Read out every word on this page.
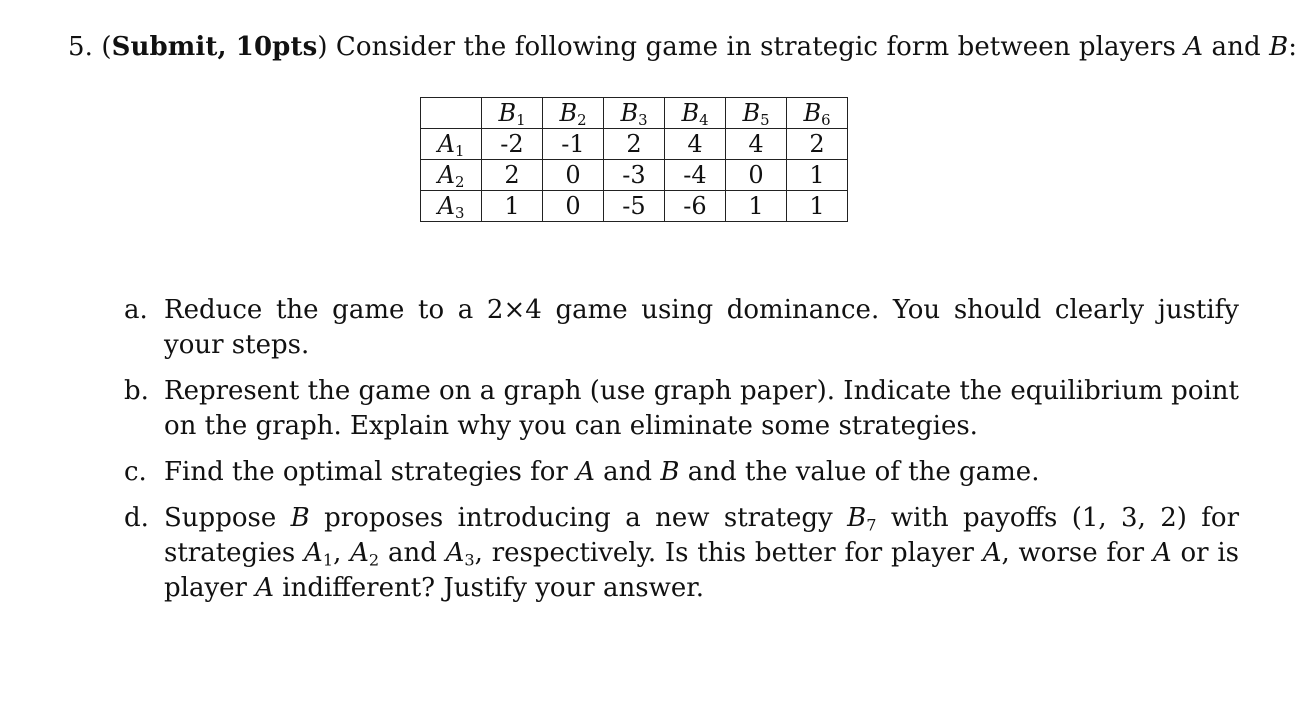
5. (Submit, 10pts) Consider the following game in strategic form between players A and B:
	$B_1$	$B_2$	$B_3$	$B_4$	$B_5$	$B_6$
$A_1$	-2	-1	2	4	4	2
$A_2$	2	0	-3	-4	0	1
$A_3$	1	0	-5	-6	1	1
a. Reduce the game to a 2×4 game using dominance. You should clearly justify your steps.
b. Represent the game on a graph (use graph paper). Indicate the equilibrium point on the graph. Explain why you can eliminate some strategies.
c. Find the optimal strategies for A and B and the value of the game.
d. Suppose B proposes introducing a new strategy $B_7$ with payoffs (1, 3, 2) for strategies $A_1$, $A_2$ and $A_3$, respectively. Is this better for player A, worse for A or is player A indifferent? Justify your answer.
